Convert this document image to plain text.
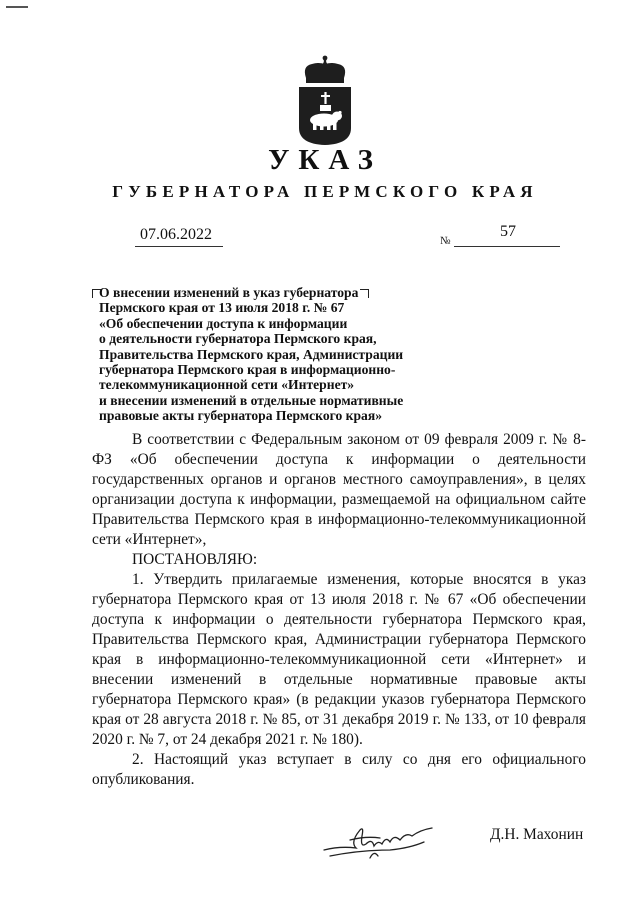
УКАЗ
ГУБЕРНАТОРА ПЕРМСКОГО КРАЯ
07.06.2022	№
57
О внесении изменений в указ губернатора
Пермского края от 13 июля 2018 г. № 67
«Об обеспечении доступа к информации
о деятельности губернатора Пермского края,
Правительства Пермского края, Администрации
губернатора Пермского края в информационно-
телекоммуникационной сети «Интернет»
и внесении изменений в отдельные нормативные
правовые акты губернатора Пермского края»

В соответствии с Федеральным законом от 09 февраля 2009 г. № 8-ФЗ «Об обеспечении доступа к информации о деятельности государственных органов и органов местного самоуправления», в целях организации доступа к информации, размещаемой на официальном сайте Правительства Пермского края в информационно-телекоммуникационной сети «Интернет»,

ПОСТАНОВЛЯЮ:

1. Утвердить прилагаемые изменения, которые вносятся в указ губернатора Пермского края от 13 июля 2018 г. № 67 «Об обеспечении доступа к информации о деятельности губернатора Пермского края, Правительства Пермского края, Администрации губернатора Пермского края в информационно-телекоммуникационной сети «Интернет» и внесении изменений в отдельные нормативные правовые акты губернатора Пермского края» (в редакции указов губернатора Пермского края от 28 августа 2018 г. № 85, от 31 декабря 2019 г. № 133, от 10 февраля 2020 г. № 7, от 24 декабря 2021 г. № 180).

2. Настоящий указ вступает в силу со дня его официального опубликования.

Д.Н. Махонин
